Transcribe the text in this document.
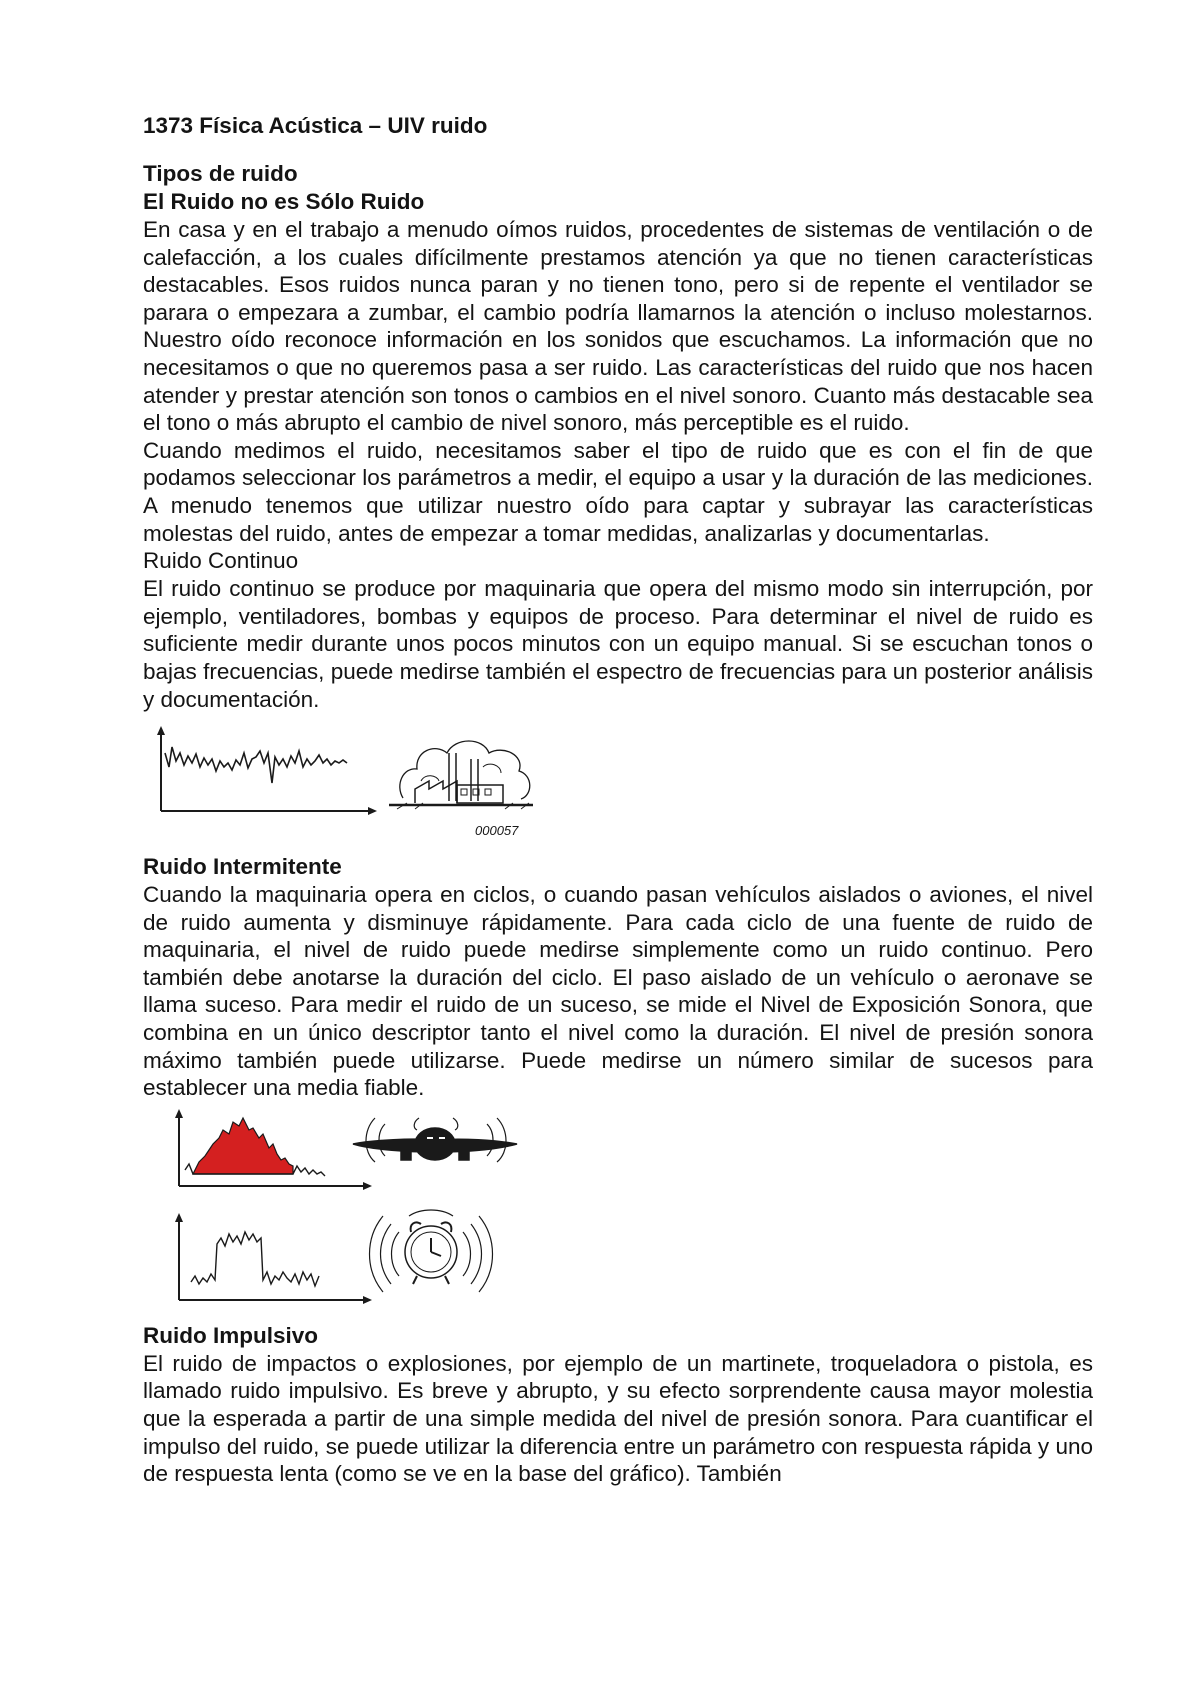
1373 Física Acústica – UIV ruido
Tipos de ruido
El Ruido no es Sólo Ruido

En casa y en el trabajo a menudo oímos ruidos, procedentes de sistemas de ventilación o de calefacción, a los cuales difícilmente prestamos atención ya que no tienen características destacables. Esos ruidos nunca paran y no tienen tono, pero si de repente el ventilador se parara o empezara a zumbar, el cambio podría llamarnos la atención o incluso molestarnos. Nuestro oído reconoce información en los sonidos que escuchamos. La información que no necesitamos o que no queremos pasa a ser ruido. Las características del ruido que nos hacen atender y prestar atención son tonos o cambios en el nivel sonoro. Cuanto más destacable sea el tono o más abrupto el cambio de nivel sonoro, más perceptible es el ruido.

Cuando medimos el ruido, necesitamos saber el tipo de ruido que es con el fin de que podamos seleccionar los parámetros a medir, el equipo a usar y la duración de las mediciones. A menudo tenemos que utilizar nuestro oído para captar y subrayar las características molestas del ruido, antes de empezar a tomar medidas, analizarlas y documentarlas.

Ruido Continuo

El ruido continuo se produce por maquinaria que opera del mismo modo sin interrupción, por ejemplo, ventiladores, bombas y equipos de proceso. Para determinar el nivel de ruido es suficiente medir durante unos pocos minutos con un equipo manual. Si se escuchan tonos o bajas frecuencias, puede medirse también el espectro de frecuencias para un posterior análisis y documentación.

000057
Ruido Intermitente

Cuando la maquinaria opera en ciclos, o cuando pasan vehículos aislados o aviones, el nivel de ruido aumenta y disminuye rápidamente. Para cada ciclo de una fuente de ruido de maquinaria, el nivel de ruido puede medirse simplemente como un ruido continuo. Pero también debe anotarse la duración del ciclo. El paso aislado de un vehículo o aeronave se llama suceso. Para medir el ruido de un suceso, se mide el Nivel de Exposición Sonora, que combina en un único descriptor tanto el nivel como la duración. El nivel de presión sonora máximo también puede utilizarse. Puede medirse un número similar de sucesos para establecer una media fiable.

Ruido Impulsivo

El ruido de impactos o explosiones, por ejemplo de un martinete, troqueladora o pistola, es llamado ruido impulsivo. Es breve y abrupto, y su efecto sorprendente causa mayor molestia que la esperada a partir de una simple medida del nivel de presión sonora. Para cuantificar el impulso del ruido, se puede utilizar la diferencia entre un parámetro con respuesta rápida y uno de respuesta lenta (como se ve en la base del gráfico). También
